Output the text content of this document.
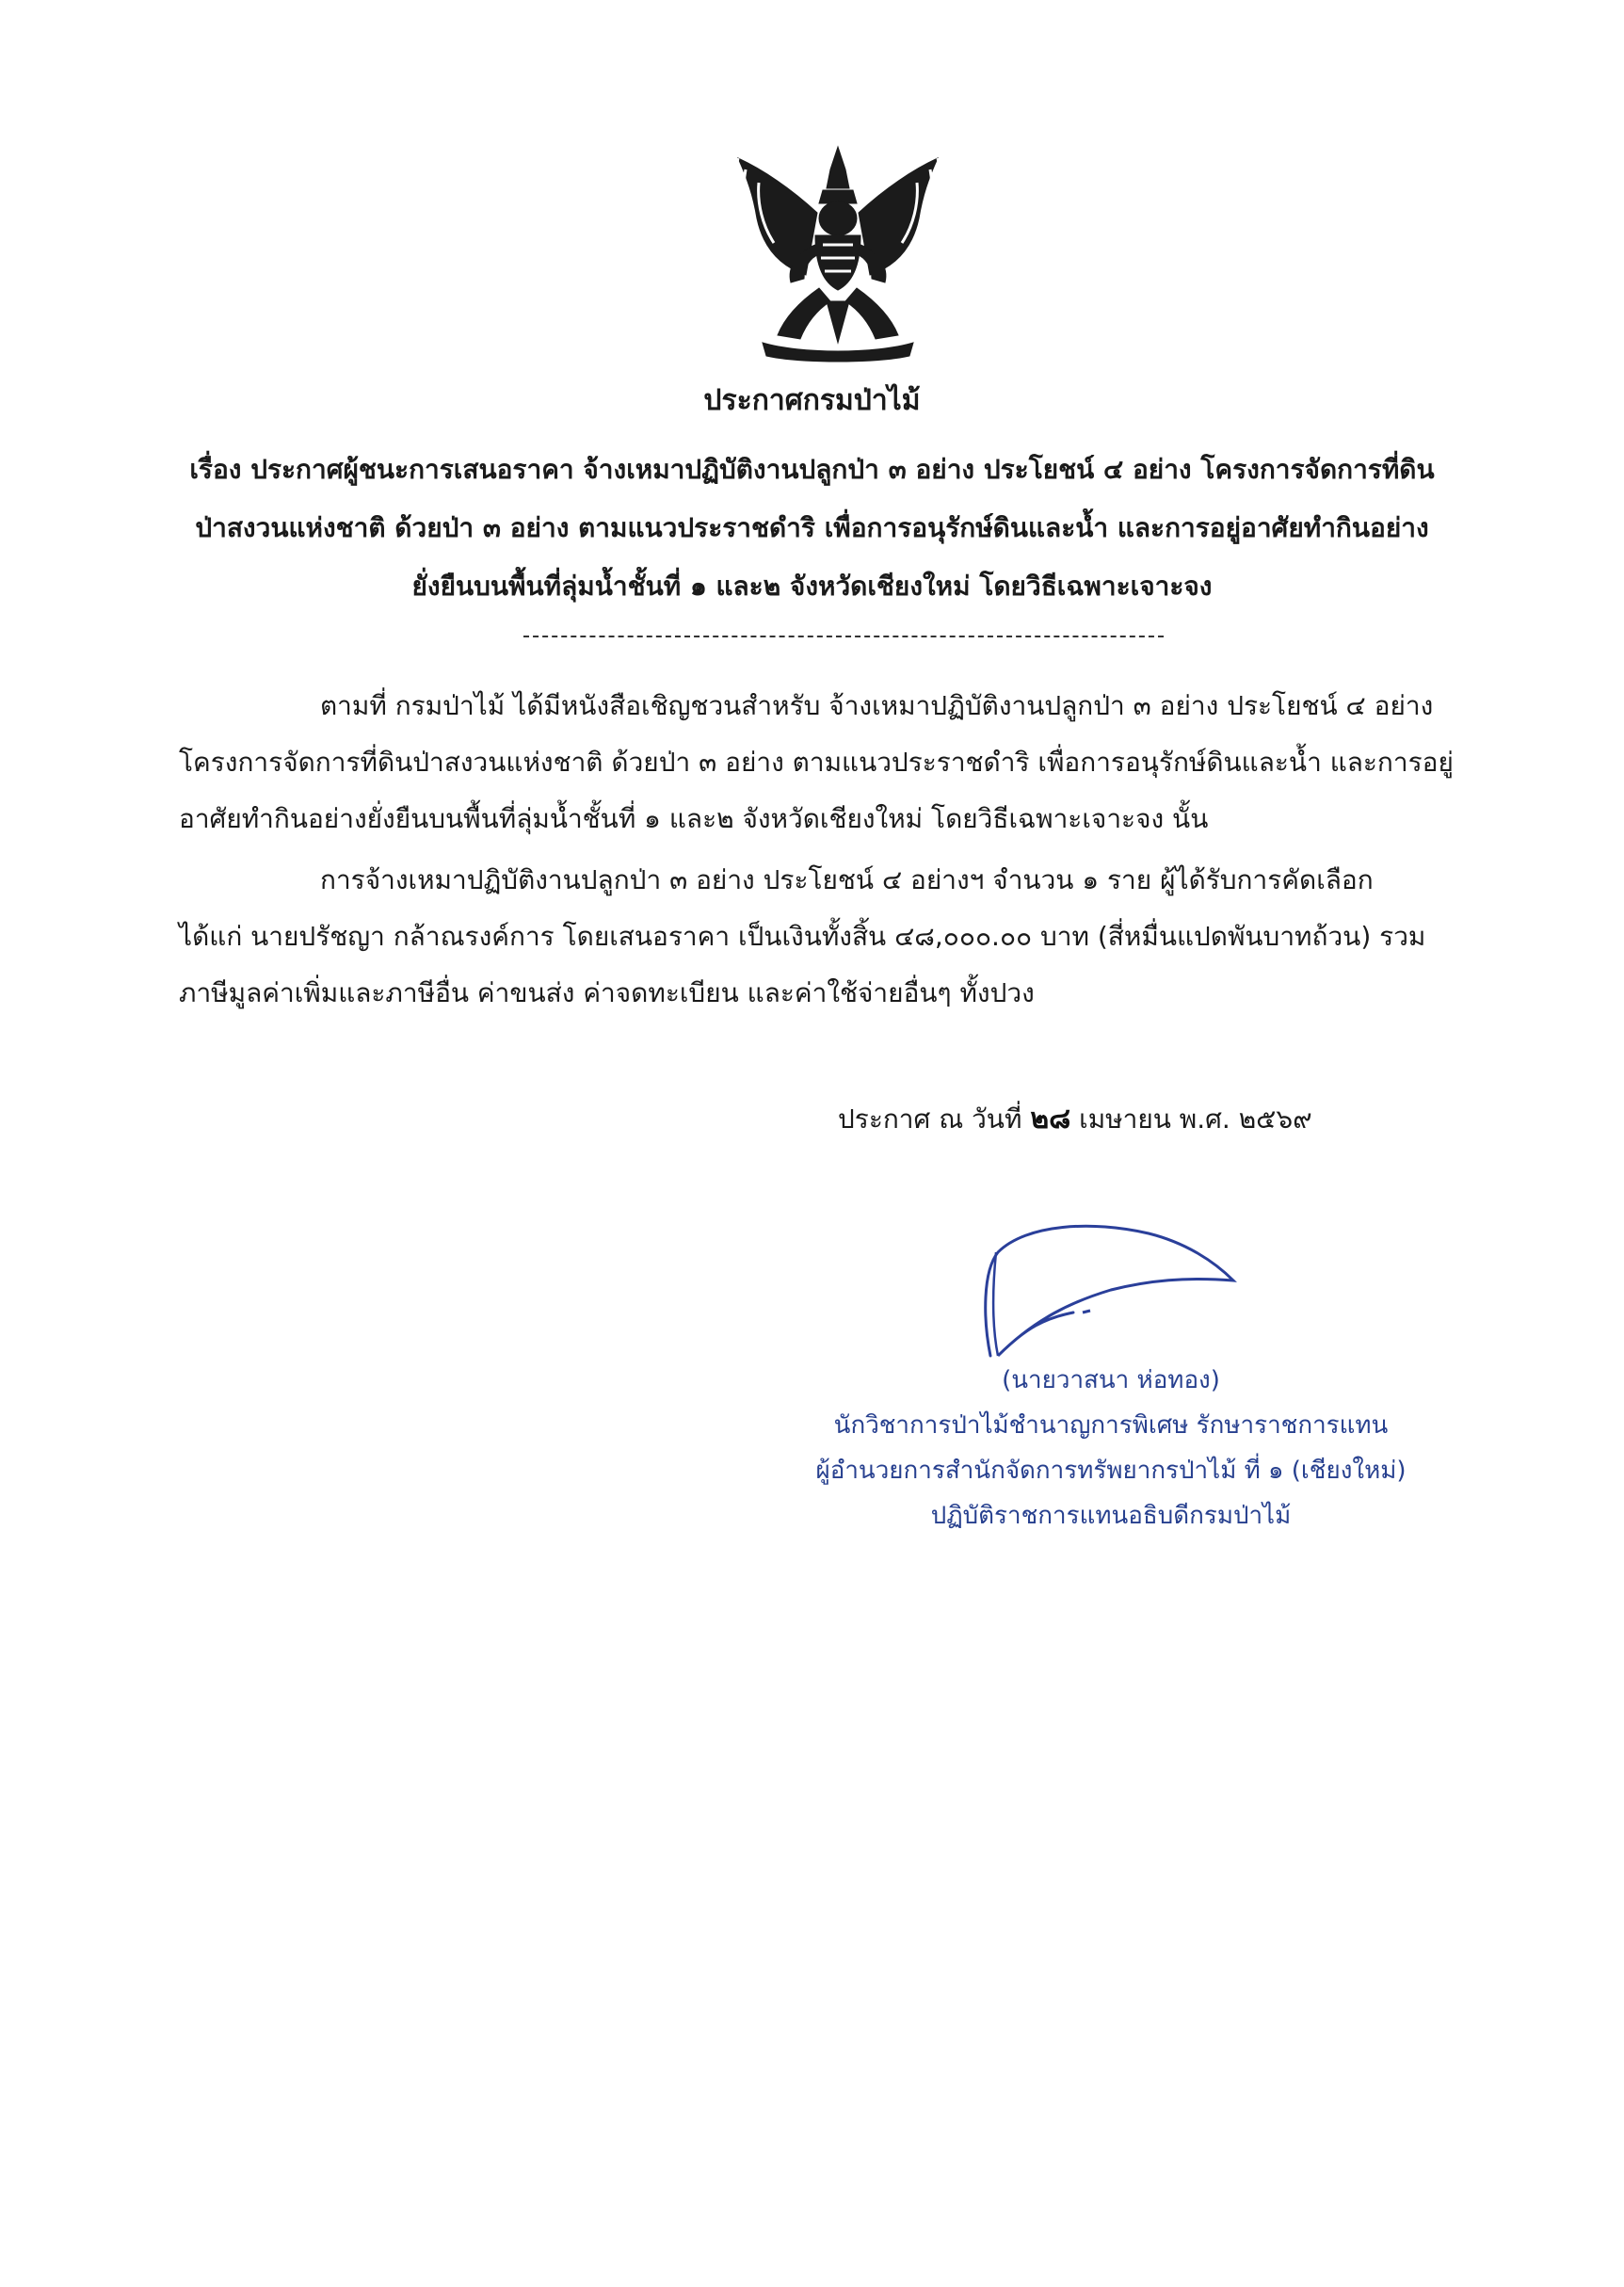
ประกาศกรมป่าไม้
เรื่อง ประกาศผู้ชนะการเสนอราคา จ้างเหมาปฏิบัติงานปลูกป่า ๓ อย่าง ประโยชน์ ๔ อย่าง โครงการจัดการที่ดิน
ป่าสงวนแห่งชาติ ด้วยป่า ๓ อย่าง ตามแนวประราชดำริ เพื่อการอนุรักษ์ดินและน้ำ และการอยู่อาศัยทำกินอย่าง
ยั่งยืนบนพื้นที่ลุ่มน้ำชั้นที่ ๑ และ๒ จังหวัดเชียงใหม่ โดยวิธีเฉพาะเจาะจง
ตามที่ กรมป่าไม้ ได้มีหนังสือเชิญชวนสำหรับ จ้างเหมาปฏิบัติงานปลูกป่า ๓ อย่าง ประโยชน์ ๔ อย่าง
โครงการจัดการที่ดินป่าสงวนแห่งชาติ ด้วยป่า ๓ อย่าง ตามแนวประราชดำริ เพื่อการอนุรักษ์ดินและน้ำ และการอยู่
อาศัยทำกินอย่างยั่งยืนบนพื้นที่ลุ่มน้ำชั้นที่ ๑ และ๒ จังหวัดเชียงใหม่ โดยวิธีเฉพาะเจาะจง นั้น
การจ้างเหมาปฏิบัติงานปลูกป่า ๓ อย่าง ประโยชน์ ๔ อย่างฯ จำนวน ๑ ราย ผู้ได้รับการคัดเลือก
ได้แก่ นายปรัชญา กล้าณรงค์การ โดยเสนอราคา เป็นเงินทั้งสิ้น ๔๘,๐๐๐.๐๐ บาท (สี่หมื่นแปดพันบาทถ้วน) รวม
ภาษีมูลค่าเพิ่มและภาษีอื่น ค่าขนส่ง ค่าจดทะเบียน และค่าใช้จ่ายอื่นๆ ทั้งปวง
ประกาศ ณ วันที่ ๒๘ เมษายน พ.ศ. ๒๕๖๙
(นายวาสนา ห่อทอง)
นักวิชาการป่าไม้ชำนาญการพิเศษ รักษาราชการแทน
ผู้อำนวยการสำนักจัดการทรัพยากรป่าไม้ ที่ ๑ (เชียงใหม่)
ปฏิบัติราชการแทนอธิบดีกรมป่าไม้
